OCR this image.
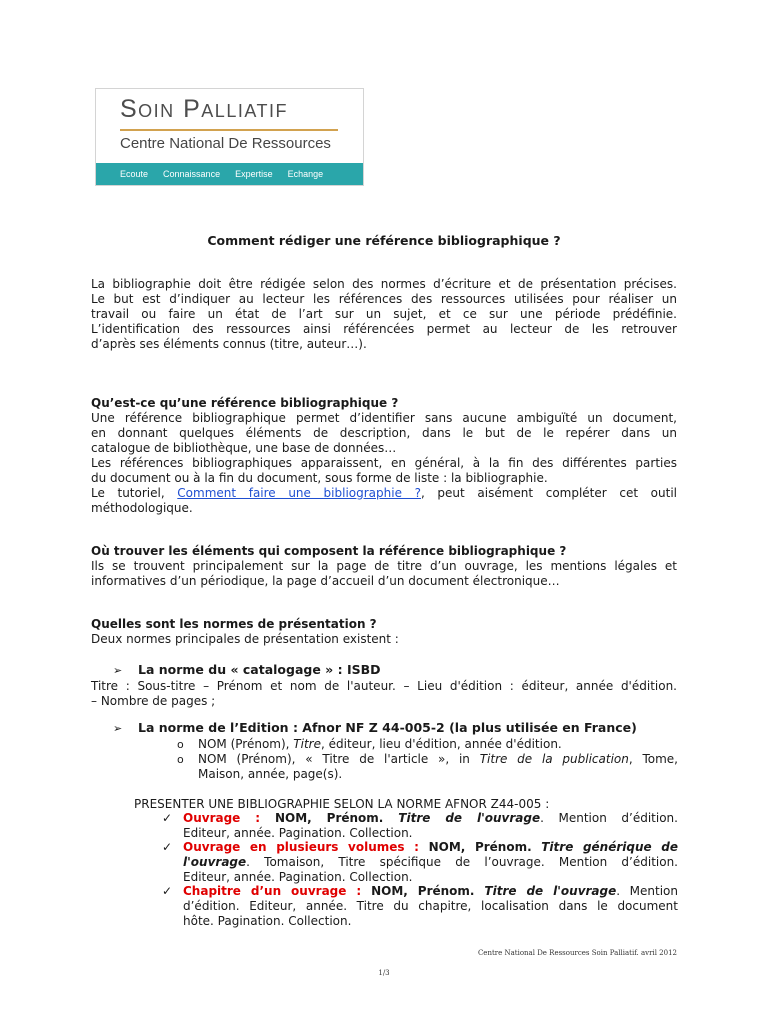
Soin Palliatif
Centre National De Ressources
Ecoute Connaissance Expertise Echange
Comment rédiger une référence bibliographique ?

La bibliographie doit être rédigée selon des normes d’écriture et de présentation précises.

Le but est d’indiquer au lecteur les références des ressources utilisées pour réaliser un

travail ou faire un état de l’art sur un sujet, et ce sur une période prédéfinie.

L’identification des ressources ainsi référencées permet au lecteur de les retrouver

d’après ses éléments connus (titre, auteur…).

Qu’est-ce qu’une référence bibliographique ?

Une référence bibliographique permet d’identifier sans aucune ambiguïté un document,

en donnant quelques éléments de description, dans le but de le repérer dans un

catalogue de bibliothèque, une base de données…

Les références bibliographiques apparaissent, en général, à la fin des différentes parties

du document ou à la fin du document, sous forme de liste : la bibliographie.

Le tutoriel, Comment faire une bibliographie ?, peut aisément compléter cet outil

méthodologique.

Où trouver les éléments qui composent la référence bibliographique ?

Ils se trouvent principalement sur la page de titre d’un ouvrage, les mentions légales et

informatives d’un périodique, la page d’accueil d’un document électronique…

Quelles sont les normes de présentation ?

Deux normes principales de présentation existent :

➢ La norme du « catalogage » : ISBD

Titre : Sous-titre – Prénom et nom de l'auteur. – Lieu d'édition : éditeur, année d'édition.

– Nombre de pages ;

➢ La norme de l’Edition : Afnor NF Z 44-005-2 (la plus utilisée en France)
o NOM (Prénom), Titre, éditeur, lieu d'édition, année d'édition.
o NOM (Prénom), « Titre de l'article », in Titre de la publication, Tome,
Maison, année, page(s).
PRESENTER UNE BIBLIOGRAPHIE SELON LA NORME AFNOR Z44-005 :
✓ Ouvrage : NOM, Prénom. Titre de l'ouvrage. Mention d’édition.

Editeur, année. Pagination. Collection.

✓ Ouvrage en plusieurs volumes : NOM, Prénom. Titre générique de

l'ouvrage. Tomaison, Titre spécifique de l’ouvrage. Mention d’édition.

Editeur, année. Pagination. Collection.

✓ Chapitre d’un ouvrage : NOM, Prénom. Titre de l'ouvrage. Mention

d’édition. Editeur, année. Titre du chapitre, localisation dans le document

hôte. Pagination. Collection.

Centre National De Ressources Soin Palliatif. avril 2012
1/3
